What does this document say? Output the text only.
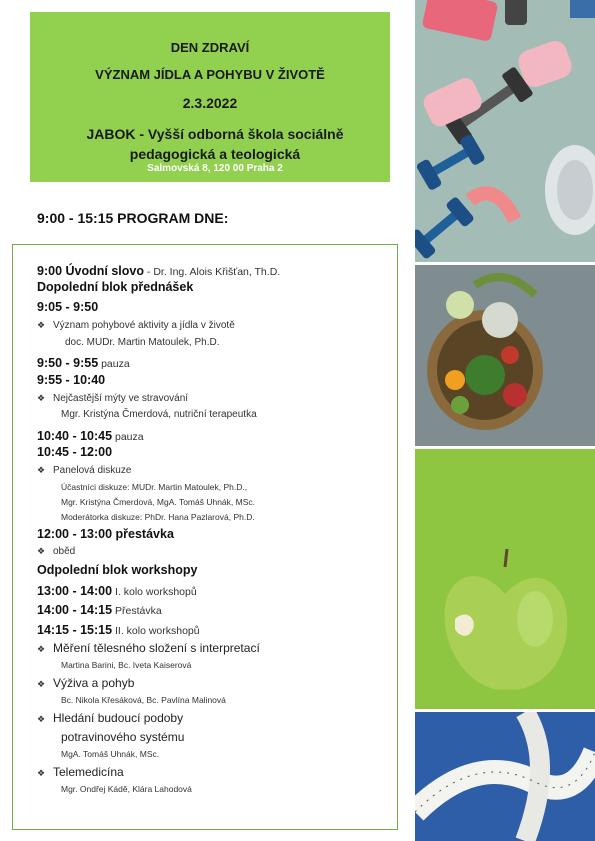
DEN ZDRAVÍ
VÝZNAM JÍDLA A POHYBU V ŽIVOTĚ
2.3.2022
JABOK - Vyšší odborná škola sociálně
pedagogická a teologická
Salmovská 8, 120 00 Praha 2
9:00 - 15:15 PROGRAM DNE:
9:00 Úvodní slovo - Dr. Ing. Alois Křišťan, Th.D.
Dopolední blok přednášek
9:05 - 9:50
❖ Význam pohybové aktivity a jídla v životě
doc. MUDr. Martin Matoulek, Ph.D.
9:50 - 9:55 pauza
9:55 - 10:40
❖ Nejčastější mýty ve stravování
Mgr. Kristýna Čmerdová, nutriční terapeutka
10:40 - 10:45 pauza
10:45 - 12:00
❖ Panelová diskuze
Účastníci diskuze: MUDr. Martin Matoulek, Ph.D.,
Mgr. Kristýna Čmerdová, MgA. Tomáš Uhnák, MSc.
Moderátorka diskuze: PhDr. Hana Pazlarová, Ph.D.
12:00 - 13:00 přestávka
❖ oběd
Odpolední blok workshopy
13:00 - 14:00 I. kolo workshopů
14:00 - 14:15 Přestávka
14:15 - 15:15 II. kolo workshopů
❖ Měření tělesného složení s interpretací
Martina Barini, Bc. Iveta Kaiserová
❖ Výživa a pohyb
Bc. Nikola Křesáková, Bc. Pavlína Malinová
❖ Hledání budoucí podoby
potravinového systému
MgA. Tomáš Uhnák, MSc.
❖ Telemedicína
Mgr. Ondřej Kádě, Klára Lahodová
